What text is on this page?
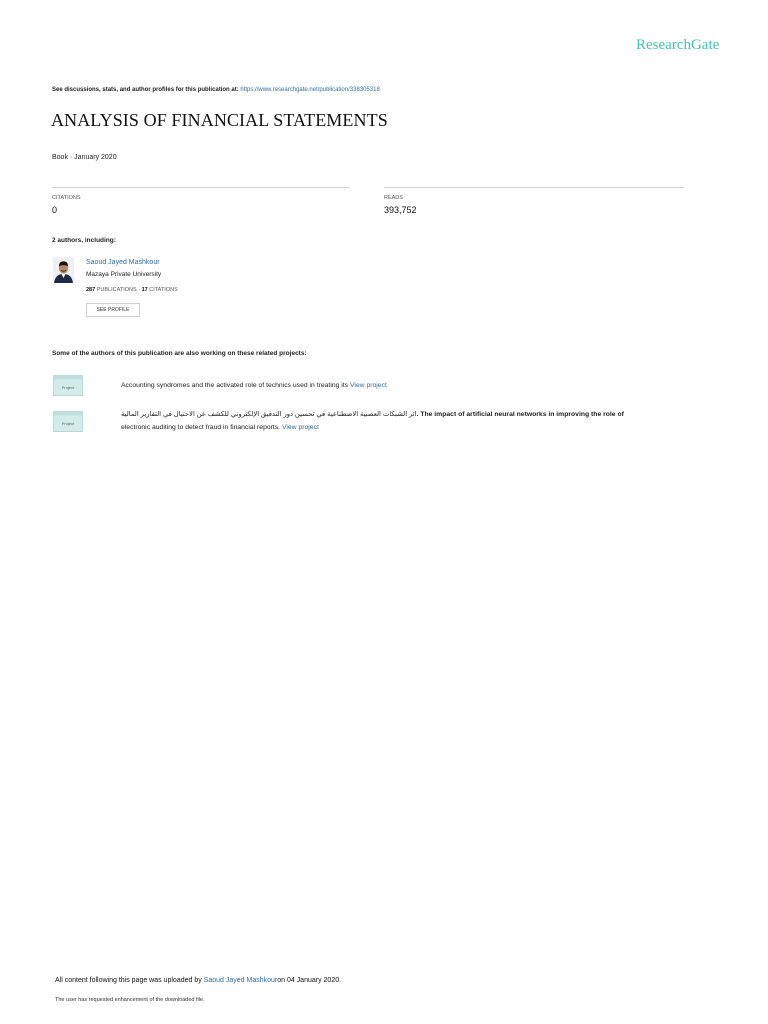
ResearchGate
See discussions, stats, and author profiles for this publication at: https://www.researchgate.net/publication/338305318
ANALYSIS OF FINANCIAL STATEMENTS
Book · January 2020
CITATIONS
0
READS
393,752
2 authors, including:
Saoud Jayed Mashkour
Mazaya Private University
287 PUBLICATIONS · 17 CITATIONS
SEE PROFILE
Some of the authors of this publication are also working on these related projects:
Project	Accounting syndromes and the activated role of technics used in treating its View project
Project
اثر الشبكات العصبية الاصطناعية في تحسين دور التدقيق الإلكتروني للكشف عن الاحتيال في التقارير المالية. The impact of artificial neural networks in improving the role of
electronic auditing to detect fraud in financial reports. View project
All content following this page was uploaded by Saoud Jayed Mashkouron 04 January 2020.
The user has requested enhancement of the downloaded file.
